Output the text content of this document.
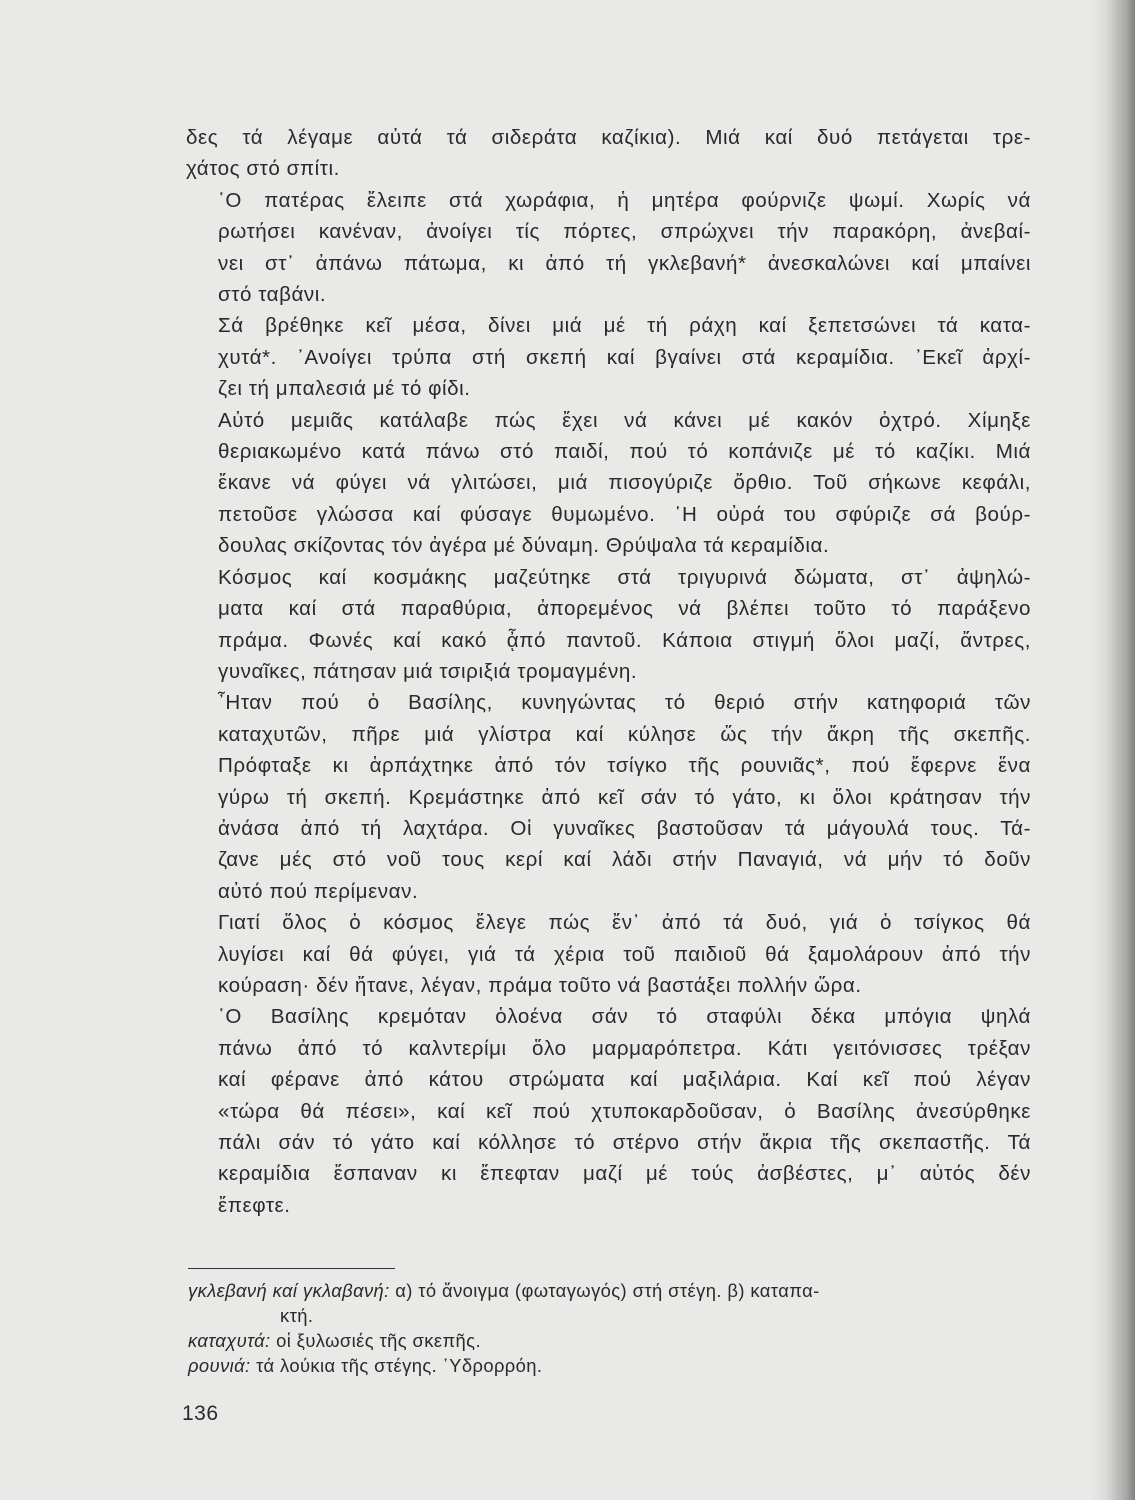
δες τά λέγαμε αὐτά τά σιδεράτα καζίκια). Μιά καί δυό πετάγεται τρε-
χάτος στό σπίτι.
῾Ο πατέρας ἔλειπε στά χωράφια, ἡ μητέρα φούρνιζε ψωμί. Χωρίς νά
ρωτήσει κανέναν, ἀνοίγει τίς πόρτες, σπρώχνει τήν παρακόρη, ἀνεβαί-
νει στ᾽ ἀπάνω πάτωμα, κι ἀπό τή γκλεβανή* ἀνεσκαλώνει καί μπαίνει
στό ταβάνι.
Σά βρέθηκε κεῖ μέσα, δίνει μιά μέ τή ράχη καί ξεπετσώνει τά κατα-
χυτά*. ᾽Ανοίγει τρύπα στή σκεπή καί βγαίνει στά κεραμίδια. ᾽Εκεῖ ἀρχί-
ζει τή μπαλεσιά μέ τό φίδι.
Αὐτό μεμιᾶς κατάλαβε πώς ἔχει νά κάνει μέ κακόν ὀχτρό. Χίμηξε
θεριακωμένο κατά πάνω στό παιδί, πού τό κοπάνιζε μέ τό καζίκι. Μιά
ἔκανε νά φύγει νά γλιτώσει, μιά πισογύριζε ὄρθιο. Τοῦ σήκωνε κεφάλι,
πετοῦσε γλώσσα καί φύσαγε θυμωμένο. ῾Η οὐρά του σφύριζε σά βούρ-
δουλας σκίζοντας τόν ἀγέρα μέ δύναμη. Θρύψαλα τά κεραμίδια.
Κόσμος καί κοσμάκης μαζεύτηκε στά τριγυρινά δώματα, στ᾽ ἀψηλώ-
ματα καί στά παραθύρια, ἀπορεμένος νά βλέπει τοῦτο τό παράξενο
πράμα. Φωνές καί κακό ᾆπό παντοῦ. Κάποια στιγμή ὅλοι μαζί, ἄντρες,
γυναῖκες, πάτησαν μιά τσιριξιά τρομαγμένη.
῏Ηταν πού ὁ Βασίλης, κυνηγώντας τό θεριό στήν κατηφοριά τῶν
καταχυτῶν, πῆρε μιά γλίστρα καί κύλησε ὥς τήν ἄκρη τῆς σκεπῆς.
Πρόφταξε κι ἁρπάχτηκε ἀπό τόν τσίγκο τῆς ρουνιᾶς*, πού ἔφερνε ἕνα
γύρω τή σκεπή. Κρεμάστηκε ἀπό κεῖ σάν τό γάτο, κι ὅλοι κράτησαν τήν
ἀνάσα ἀπό τή λαχτάρα. Οἱ γυναῖκες βαστοῦσαν τά μάγουλά τους. Τά-
ζανε μές στό νοῦ τους κερί καί λάδι στήν Παναγιά, νά μήν τό δοῦν
αὐτό πού περίμεναν.
Γιατί ὅλος ὁ κόσμος ἔλεγε πώς ἔν᾽ ἀπό τά δυό, γιά ὁ τσίγκος θά
λυγίσει καί θά φύγει, γιά τά χέρια τοῦ παιδιοῦ θά ξαμολάρουν ἀπό τήν
κούραση· δέν ἤτανε, λέγαν, πράμα τοῦτο νά βαστάξει πολλήν ὥρα.
῾Ο Βασίλης κρεμόταν ὁλοένα σάν τό σταφύλι δέκα μπόγια ψηλά
πάνω ἀπό τό καλντερίμι ὅλο μαρμαρόπετρα. Κάτι γειτόνισσες τρέξαν
καί φέρανε ἀπό κάτου στρώματα καί μαξιλάρια. Καί κεῖ πού λέγαν
«τώρα θά πέσει», καί κεῖ πού χτυποκαρδοῦσαν, ὁ Βασίλης ἀνεσύρθηκε
πάλι σάν τό γάτο καί κόλλησε τό στέρνο στήν ἄκρια τῆς σκεπαστῆς. Τά
κεραμίδια ἔσπαναν κι ἔπεφταν μαζί μέ τούς ἀσβέστες, μ᾽ αὐτός δέν
ἔπεφτε.

γκλεβανή καί γκλαβανή: α) τό ἄνοιγμα (φωταγωγός) στή στέγη. β) καταπα-
κτή.

καταχυτά: οἱ ξυλωσιές τῆς σκεπῆς.

ρουνιά: τά λούκια τῆς στέγης. ῾Υδρορρόη.

136
